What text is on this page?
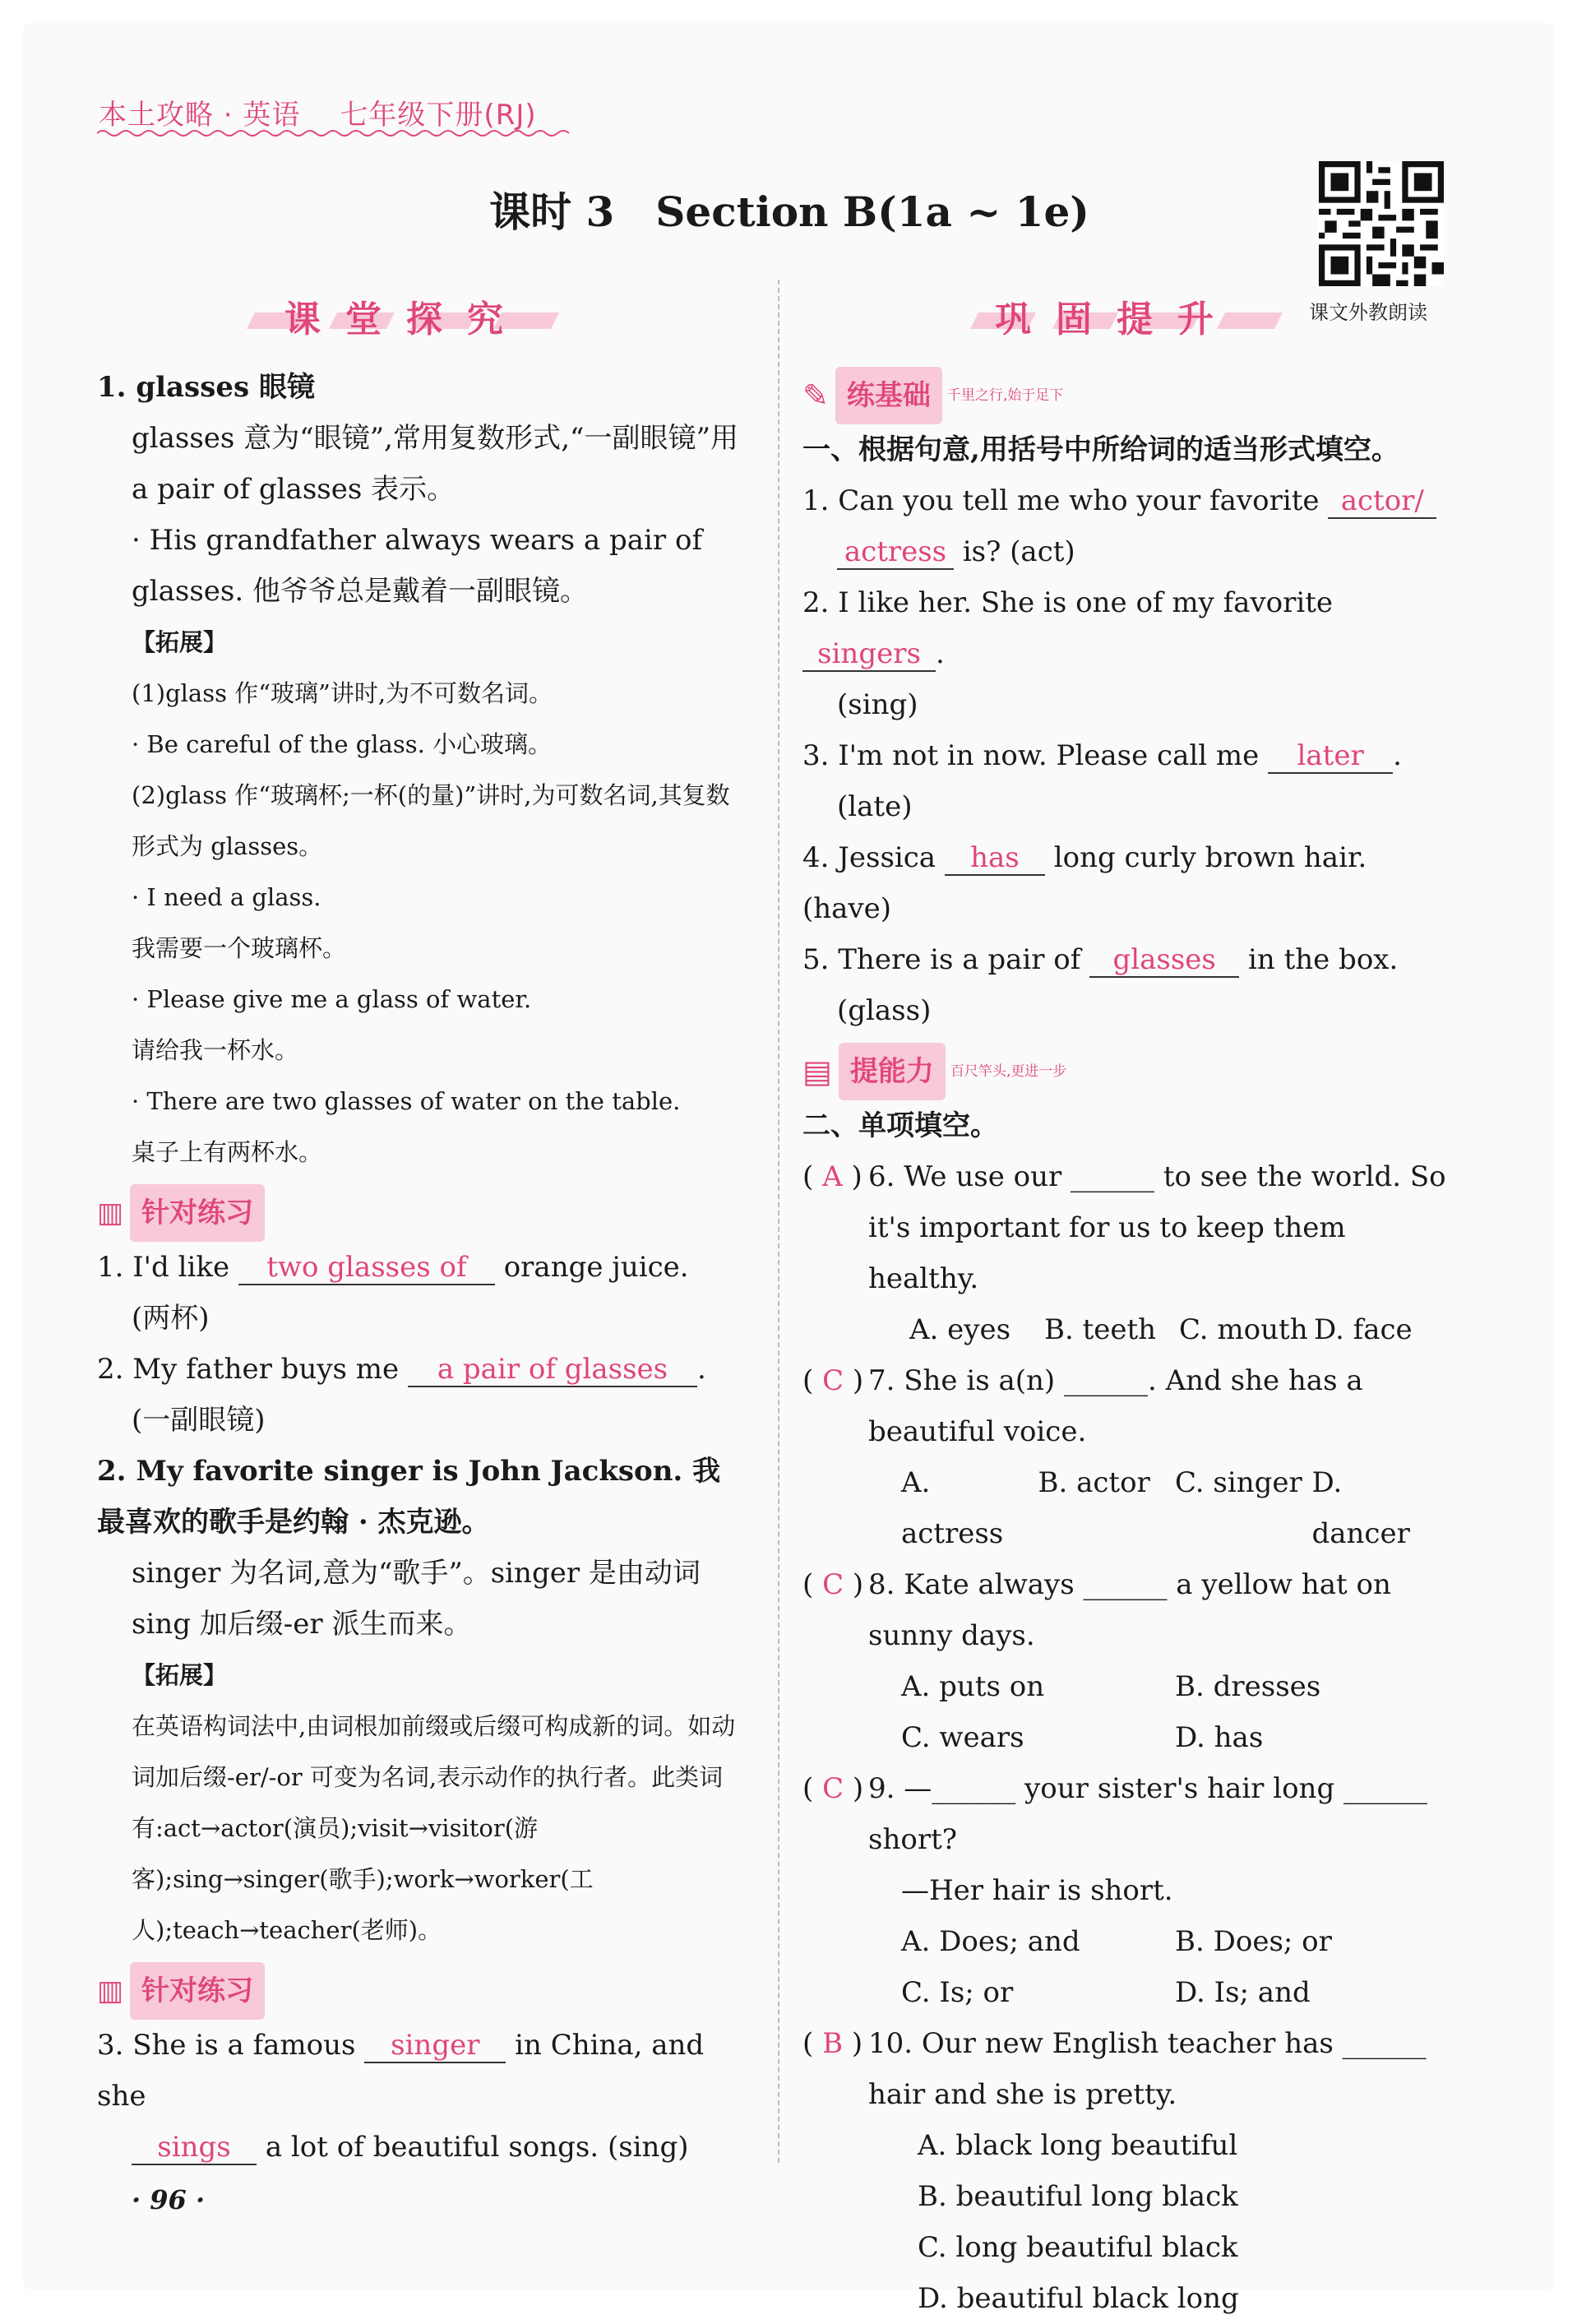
本土攻略 · 英语 七年级下册(RJ)
课时 3　Section B(1a ~ 1e)
课文外教朗读
课堂探究	巩固提升

1. glasses 眼镜

glasses 意为“眼镜”,常用复数形式,“一副眼镜”用 a pair of glasses 表示。

· His grandfather always wears a pair of glasses. 他爷爷总是戴着一副眼镜。

【拓展】

(1)glass 作“玻璃”讲时,为不可数名词。

· Be careful of the glass. 小心玻璃。

(2)glass 作“玻璃杯;一杯(的量)”讲时,为可数名词,其复数形式为 glasses。

· I need a glass.

我需要一个玻璃杯。

· Please give me a glass of water.

请给我一杯水。

· There are two glasses of water on the table.

桌子上有两杯水。

▥ 针对练习

1. I'd like two glasses of orange juice.

(两杯)

2. My father buys me a pair of glasses .

(一副眼镜)

2. My favorite singer is John Jackson. 我最喜欢的歌手是约翰 · 杰克逊。

singer 为名词,意为“歌手”。singer 是由动词 sing 加后缀-er 派生而来。

【拓展】

在英语构词法中,由词根加前缀或后缀可构成新的词。如动词加后缀-er/-or 可变为名词,表示动作的执行者。此类词有:act→actor(演员);visit→visitor(游客);sing→singer(歌手);work→worker(工人);teach→teacher(老师)。

▥ 针对练习

3. She is a famous singer in China, and she

sings a lot of beautiful songs. (sing)

✎ 练基础	千里之行,始于足下

一、根据句意,用括号中所给词的适当形式填空。

1. Can you tell me who your favorite actor/

actress is? (act)

2. I like her. She is one of my favorite singers .

(sing)

3. I'm not in now. Please call me later .

(late)

4. Jessica has long curly brown hair. (have)

5. There is a pair of glasses in the box.

(glass)

▤ 提能力	百尺竿头,更进一步

二、单项填空。

( A ) 6. We use our ______ to see the world. So it's important for us to keep them healthy.
A. eyes	B. teeth C. mouth D. face
( C ) 7. She is a(n) ______. And she has a beautiful voice.
A. actress
B. actor C. singer D. dancer
( C ) 8. Kate always ______ a yellow hat on sunny days.
A. puts on	B. dresses
C. wears	D. has
( C ) 9. —______ your sister's hair long ______ short?

—Her hair is short.

A. Does; and	B. Does; or
C. Is; or	D. Is; and
( B ) 10. Our new English teacher has ______ hair and she is pretty.

A. black long beautiful

B. beautiful long black

C. long beautiful black

D. beautiful black long

· 96 ·
